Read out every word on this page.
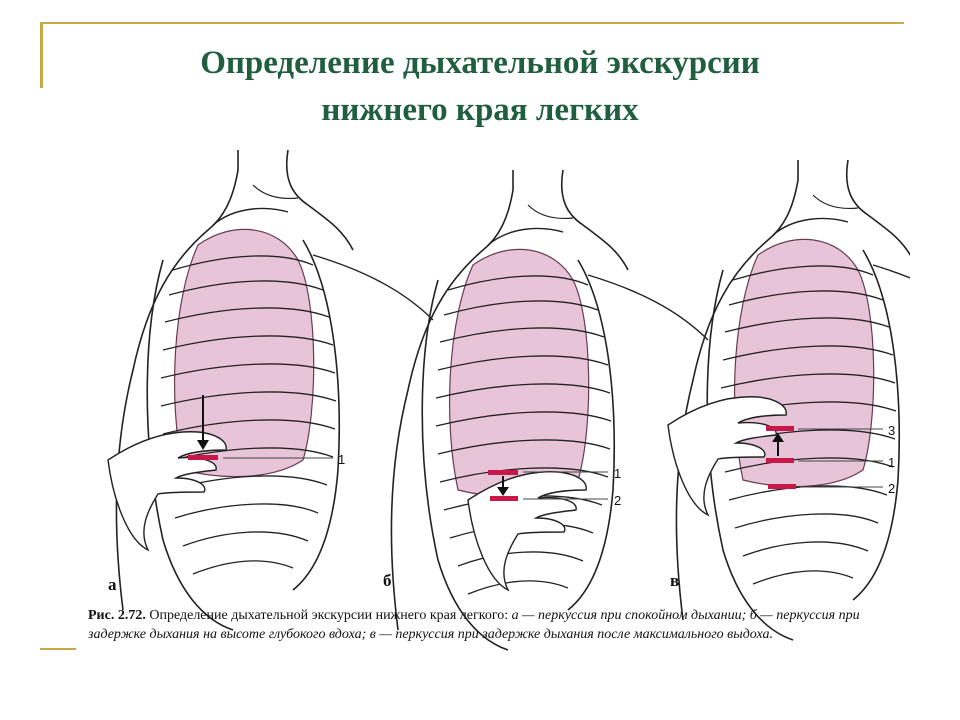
Определение дыхательной экскурсии
нижнего края легких
1
а
1
2
б
3
1
2
в
Рис. 2.72. Определение дыхательной экскурсии нижнего края легкого: а — перкуссия при спокойном дыхании; б — перкуссия при задержке дыхания на высоте глубокого вдоха; в — перкуссия при задержке дыхания после максимального выдоха.
